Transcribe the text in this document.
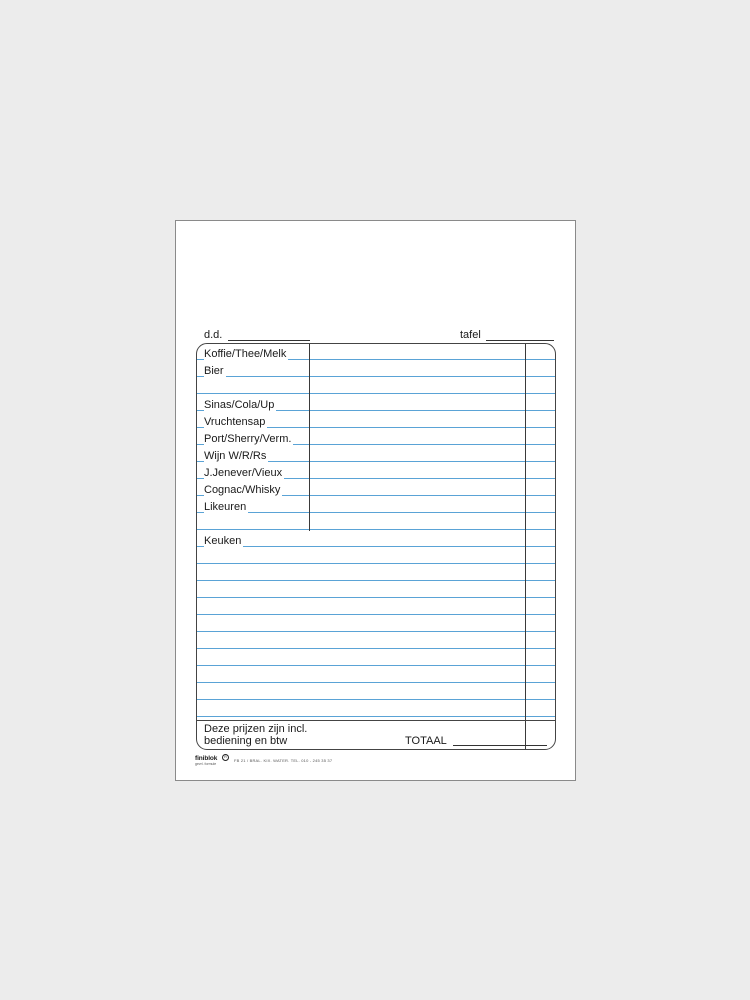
d.d.	tafel
Koffie/Thee/Melk
Bier
Sinas/Cola/Up
Vruchtensap
Port/Sherry/Verm.
Wijn W/R/Rs
J.Jenever/Vieux
Cognac/Whisky
Likeuren
Keuken
Deze prijzen zijn incl.
bediening en btw	TOTAAL
finiblok	R
gevrl. formule
FB 21 / BRAL. KIX. WATER. TEL. 010 - 245 35 37
